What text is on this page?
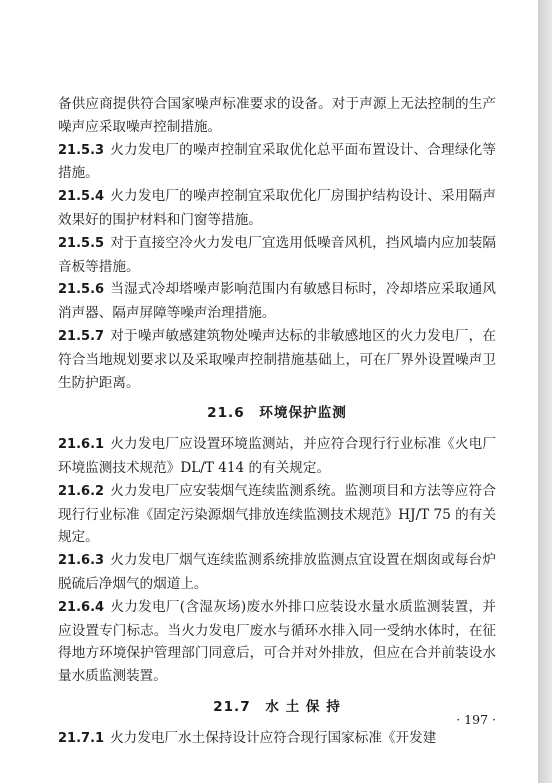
备供应商提供符合国家噪声标准要求的设备。对于声源上无法控制的生产噪声应采取噪声控制措施。

21.5.3 火力发电厂的噪声控制宜采取优化总平面布置设计、合理绿化等措施。

21.5.4 火力发电厂的噪声控制宜采取优化厂房围护结构设计、采用隔声效果好的围护材料和门窗等措施。

21.5.5 对于直接空冷火力发电厂宜选用低噪音风机，挡风墙内应加装隔音板等措施。

21.5.6 当湿式冷却塔噪声影响范围内有敏感目标时，冷却塔应采取通风消声器、隔声屏障等噪声治理措施。

21.5.7 对于噪声敏感建筑物处噪声达标的非敏感地区的火力发电厂，在符合当地规划要求以及采取噪声控制措施基础上，可在厂界外设置噪声卫生防护距离。

21.6　环境保护监测

21.6.1 火力发电厂应设置环境监测站，并应符合现行行业标准《火电厂环境监测技术规范》DL/T 414 的有关规定。

21.6.2 火力发电厂应安装烟气连续监测系统。监测项目和方法等应符合现行行业标准《固定污染源烟气排放连续监测技术规范》HJ/T 75 的有关规定。

21.6.3 火力发电厂烟气连续监测系统排放监测点宜设置在烟囱或每台炉脱硫后净烟气的烟道上。

21.6.4 火力发电厂(含湿灰场)废水外排口应装设水量水质监测装置，并应设置专门标志。当火力发电厂废水与循环水排入同一受纳水体时，在征得地方环境保护管理部门同意后，可合并对外排放，但应在合并前装设水量水质监测装置。

21.7　水 土 保 持

21.7.1 火力发电厂水土保持设计应符合现行国家标准《开发建

· 197 ·
